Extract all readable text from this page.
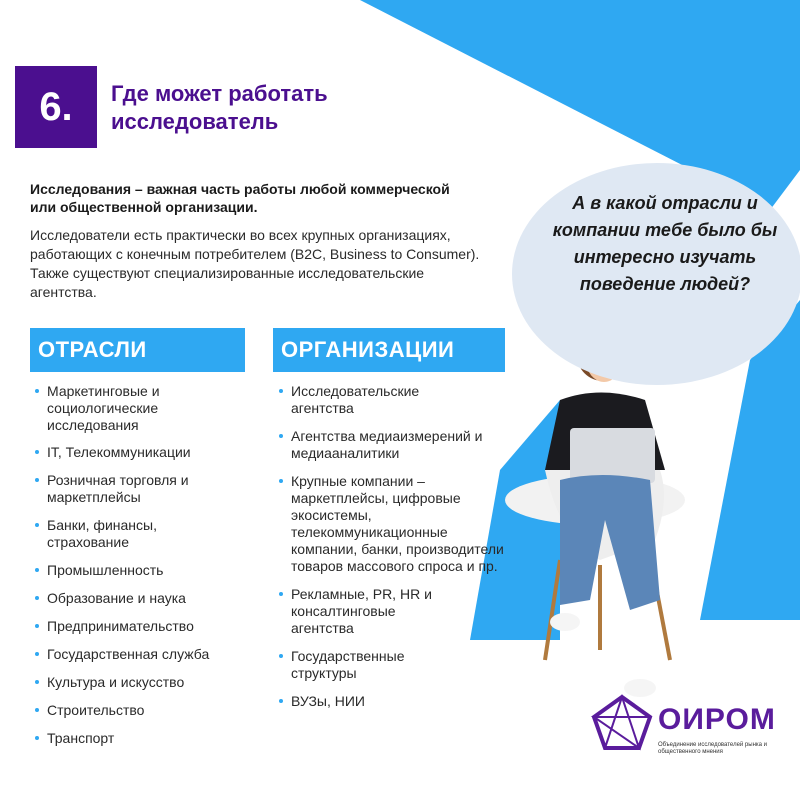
6.	Где может работать исследователь
Исследования – важная часть работы любой коммерческой или общественной организации.
Исследователи есть практически во всех крупных организациях, работающих с конечным потребителем (B2C, Business to Consumer). Также существуют специализированные исследовательские агентства.
А в какой отрасли и компании тебе было бы интересно изучать поведение людей?
ОТРАСЛИ	ОРГАНИЗАЦИИ
Маркетинговые и социологические исследования
IT, Телекоммуникации
Розничная торговля и маркетплейсы
Банки, финансы, страхование
Промышленность
Образование и наука
Предпринимательство
Государственная служба
Культура и искусство
Строительство
Транспорт
Исследовательские агентства
Агентства медиаизмерений и медиааналитики
Крупные компании – маркетплейсы, цифровые экосистемы, телекоммуникационные компании, банки, производители товаров массового спроса и пр.
Рекламные, PR, HR и консалтинговые агентства
Государственные структуры
ВУЗы, НИИ
ОИРОМ
Объединение исследователей рынка и общественного мнения
